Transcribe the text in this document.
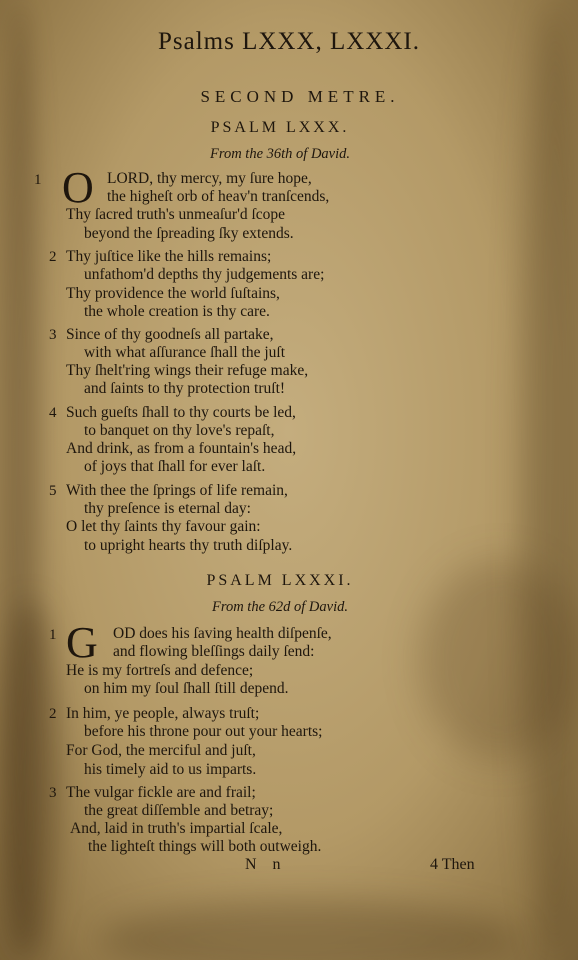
Psalms LXXX, LXXXI.
SECOND METRE.
PSALM LXXX.
From the 36th of David.
1 O LORD, thy mercy, my ſure hope,
the higheſt orb of heav'n tranſcends,
Thy ſacred truth's unmeaſur'd ſcope
beyond the ſpreading ſky extends.
2 Thy juſtice like the hills remains;
unfathom'd depths thy judgements are;
Thy providence the world ſuſtains,
the whole creation is thy care.
3 Since of thy goodneſs all partake,
with what aſſurance ſhall the juſt
Thy ſhelt'ring wings their refuge make,
and ſaints to thy protection truſt!
4 Such gueſts ſhall to thy courts be led,
to banquet on thy love's repaſt,
And drink, as from a fountain's head,
of joys that ſhall for ever laſt.
5 With thee the ſprings of life remain,
thy preſence is eternal day:
O let thy ſaints thy favour gain:
to upright hearts thy truth diſplay.
PSALM LXXXI.
From the 62d of David.
1 G OD does his ſaving health diſpenſe,
and flowing bleſſings daily ſend:
He is my fortreſs and defence;
on him my ſoul ſhall ſtill depend.
2 In him, ye people, always truſt;
before his throne pour out your hearts;
For God, the merciful and juſt,
his timely aid to us imparts.
3 The vulgar fickle are and frail;
the great diſſemble and betray;
And, laid in truth's impartial ſcale,
the lighteſt things will both outweigh.
N n	4 Then
